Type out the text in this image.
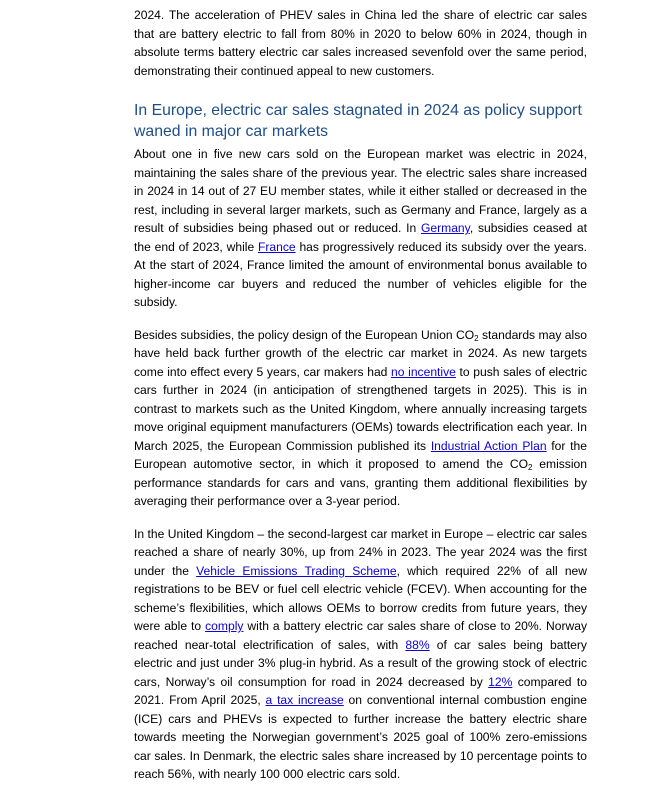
2024. The acceleration of PHEV sales in China led the share of electric car sales that are battery electric to fall from 80% in 2020 to below 60% in 2024, though in absolute terms battery electric car sales increased sevenfold over the same period, demonstrating their continued appeal to new customers.

In Europe, electric car sales stagnated in 2024 as policy support waned in major car markets

About one in five new cars sold on the European market was electric in 2024, maintaining the sales share of the previous year. The electric sales share increased in 2024 in 14 out of 27 EU member states, while it either stalled or decreased in the rest, including in several larger markets, such as Germany and France, largely as a result of subsidies being phased out or reduced. In Germany, subsidies ceased at the end of 2023, while France has progressively reduced its subsidy over the years. At the start of 2024, France limited the amount of environmental bonus available to higher-income car buyers and reduced the number of vehicles eligible for the subsidy.

Besides subsidies, the policy design of the European Union $CO_2$ standards may also have held back further growth of the electric car market in 2024. As new targets come into effect every 5 years, car makers had no incentive to push sales of electric cars further in 2024 (in anticipation of strengthened targets in 2025). This is in contrast to markets such as the United Kingdom, where annually increasing targets move original equipment manufacturers (OEMs) towards electrification each year. In March 2025, the European Commission published its Industrial Action Plan for the European automotive sector, in which it proposed to amend the $CO_2$ emission performance standards for cars and vans, granting them additional flexibilities by averaging their performance over a 3-year period.

In the United Kingdom – the second-largest car market in Europe – electric car sales reached a share of nearly 30%, up from 24% in 2023. The year 2024 was the first under the Vehicle Emissions Trading Scheme, which required 22% of all new registrations to be BEV or fuel cell electric vehicle (FCEV). When accounting for the scheme’s flexibilities, which allows OEMs to borrow credits from future years, they were able to comply with a battery electric car sales share of close to 20%. Norway reached near-total electrification of sales, with 88% of car sales being battery electric and just under 3% plug-in hybrid. As a result of the growing stock of electric cars, Norway’s oil consumption for road in 2024 decreased by 12% compared to 2021. From April 2025, a tax increase on conventional internal combustion engine (ICE) cars and PHEVs is expected to further increase the battery electric share towards meeting the Norwegian government’s 2025 goal of 100% zero-emissions car sales. In Denmark, the electric sales share increased by 10 percentage points to reach 56%, with nearly 100 000 electric cars sold.
